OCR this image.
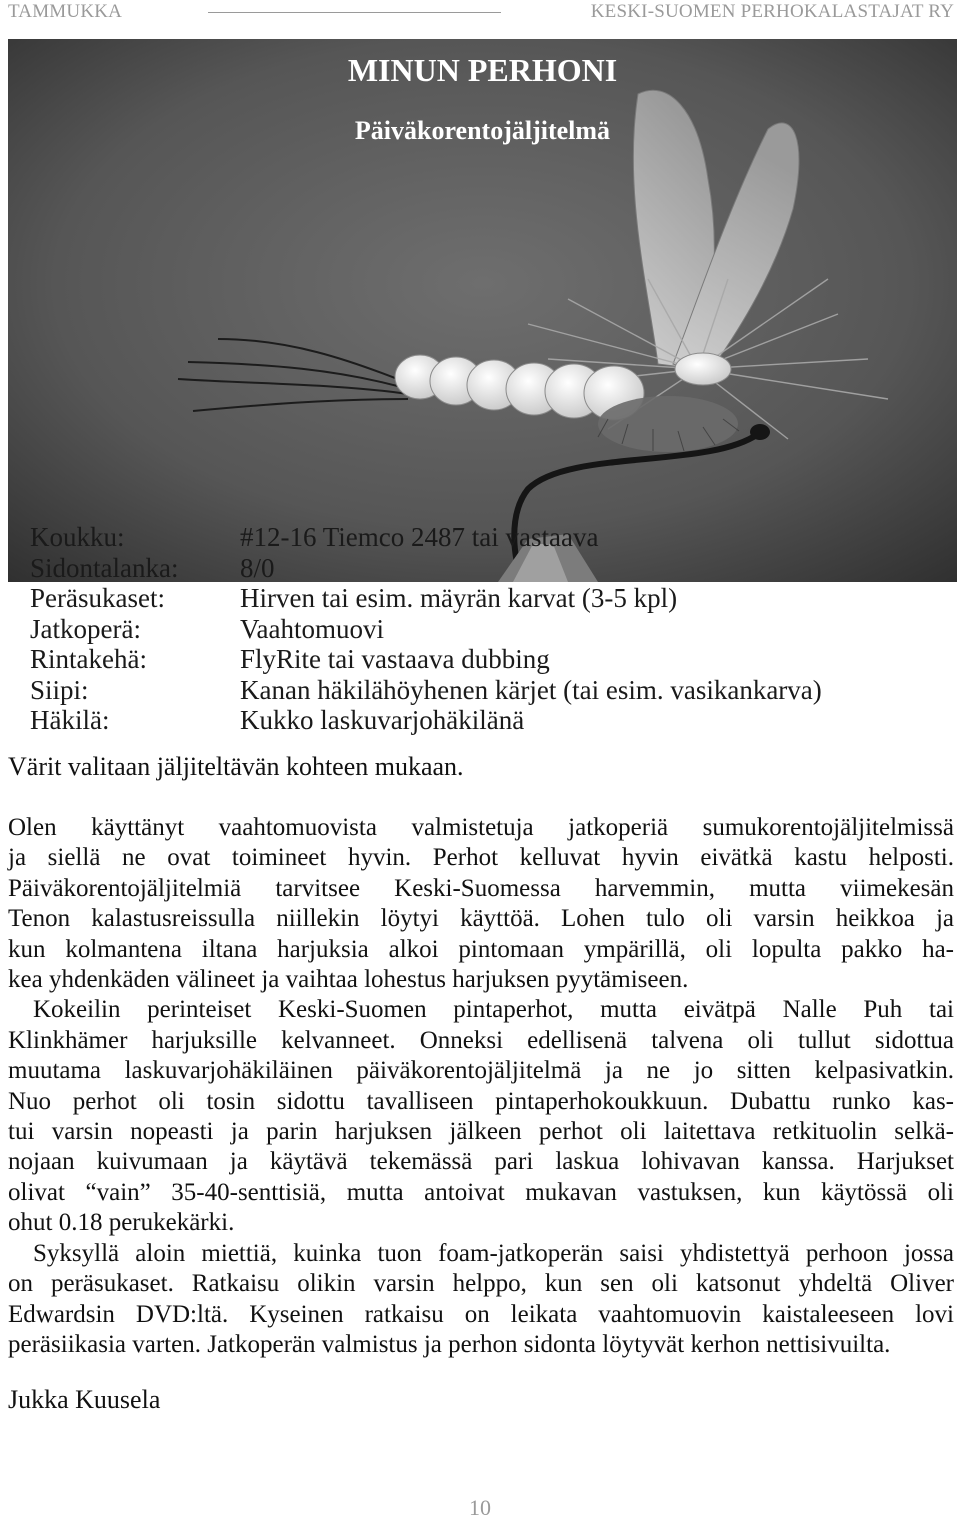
TAMMUKKA	KESKI-SUOMEN PERHOKALASTAJAT RY
MINUN PERHONI
Päiväkorentojäljitelmä
Koukku:	#12-16 Tiemco 2487 tai vastaava
Sidontalanka:	8/0
Peräsukaset:	Hirven tai esim. mäyrän karvat (3-5 kpl)
Jatkoperä:	Vaahtomuovi
Rintakehä:	FlyRite tai vastaava dubbing
Siipi:	Kanan häkilähöyhenen kärjet (tai esim. vasikankarva)
Häkilä:	Kukko laskuvarjohäkilänä
Värit valitaan jäljiteltävän kohteen mukaan.
Olen käyttänyt vaahtomuovista valmistetuja jatkoperiä sumukorentojäljitelmissä
ja siellä ne ovat toimineet hyvin. Perhot kelluvat hyvin eivätkä kastu helposti.
Päiväkorentojäljitelmiä tarvitsee Keski-Suomessa harvemmin, mutta viimekesän
Tenon kalastusreissulla niillekin löytyi käyttöä. Lohen tulo oli varsin heikkoa ja
kun kolmantena iltana harjuksia alkoi pintomaan ympärillä, oli lopulta pakko ha-
kea yhdenkäden välineet ja vaihtaa lohestus harjuksen pyytämiseen.
Kokeilin perinteiset Keski-Suomen pintaperhot, mutta eivätpä Nalle Puh tai
Klinkhämer harjuksille kelvanneet. Onneksi edellisenä talvena oli tullut sidottua
muutama laskuvarjohäkiläinen päiväkorentojäljitelmä ja ne jo sitten kelpasivatkin.
Nuo perhot oli tosin sidottu tavalliseen pintaperhokoukkuun. Dubattu runko kas-
tui varsin nopeasti ja parin harjuksen jälkeen perhot oli laitettava retkituolin selkä-
nojaan kuivumaan ja käytävä tekemässä pari laskua lohivavan kanssa. Harjukset
olivat “vain” 35-40-senttisiä, mutta antoivat mukavan vastuksen, kun käytössä oli
ohut 0.18 perukekärki.
Syksyllä aloin miettiä, kuinka tuon foam-jatkoperän saisi yhdistettyä perhoon jossa
on peräsukaset. Ratkaisu olikin varsin helppo, kun sen oli katsonut yhdeltä Oliver
Edwardsin DVD:ltä. Kyseinen ratkaisu on leikata vaahtomuovin kaistaleeseen lovi
peräsiikasia varten. Jatkoperän valmistus ja perhon sidonta löytyvät kerhon nettisivuilta.
Jukka Kuusela
10
